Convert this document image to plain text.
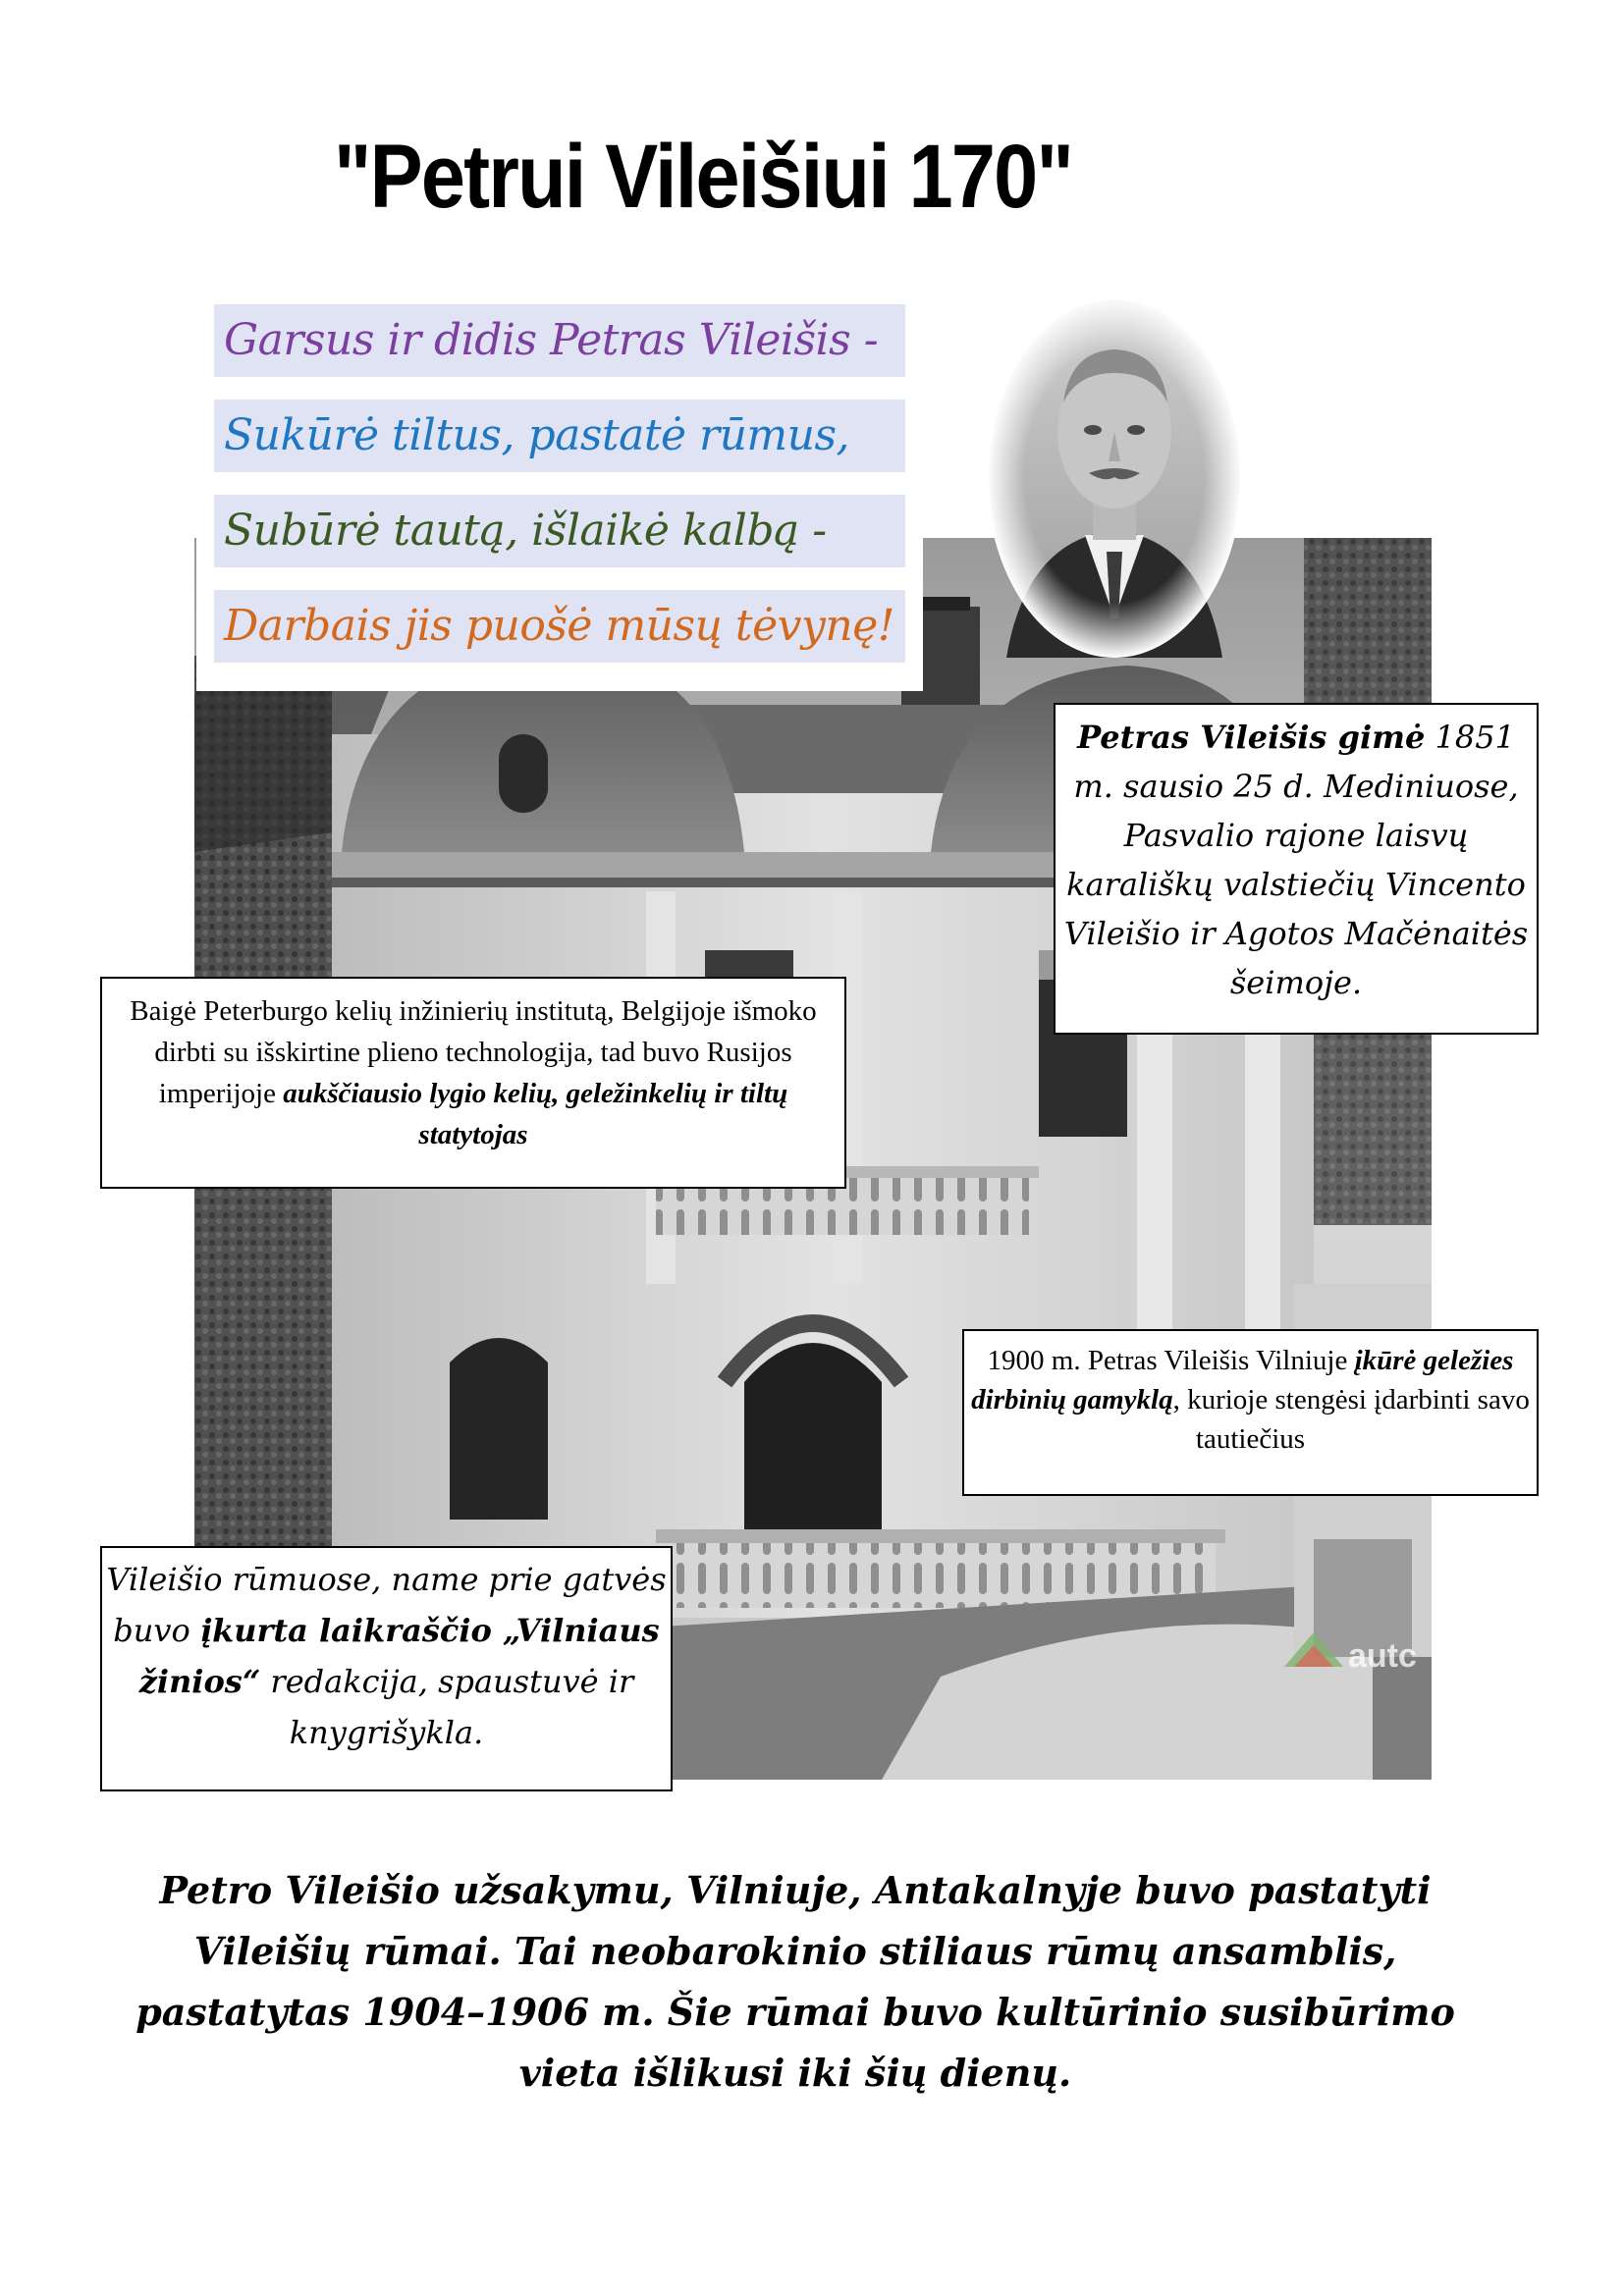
"Petrui Vileišiui 170"
autc
Garsus ir didis Petras Vileišis -
Sukūrė tiltus, pastatė rūmus,
Subūrė tautą, išlaikė kalbą -
Darbais jis puošė mūsų tėvynę!
Petras Vileišis gimė 1851 m. sausio 25 d. Mediniuose, Pasvalio rajone laisvų karališkų valstiečių Vincento Vileišio ir Agotos Mačėnaitės šeimoje.
Baigė Peterburgo kelių inžinierių institutą, Belgijoje išmoko dirbti su išskirtine plieno technologija, tad buvo Rusijos imperijoje aukščiausio lygio kelių, geležinkelių ir tiltų statytojas
1900 m. Petras Vileišis Vilniuje įkūrė geležies dirbinių gamyklą, kurioje stengėsi įdarbinti savo tautiečius
Vileišio rūmuose, name prie gatvės buvo įkurta laikraščio „Vilniaus žinios“ redakcija, spaustuvė ir knygrišykla.
Petro Vileišio užsakymu, Vilniuje, Antakalnyje buvo pastatyti Vileišių rūmai. Tai neobarokinio stiliaus rūmų ansamblis, pastatytas 1904–1906 m. Šie rūmai buvo kultūrinio susibūrimo vieta išlikusi iki šių dienų.
